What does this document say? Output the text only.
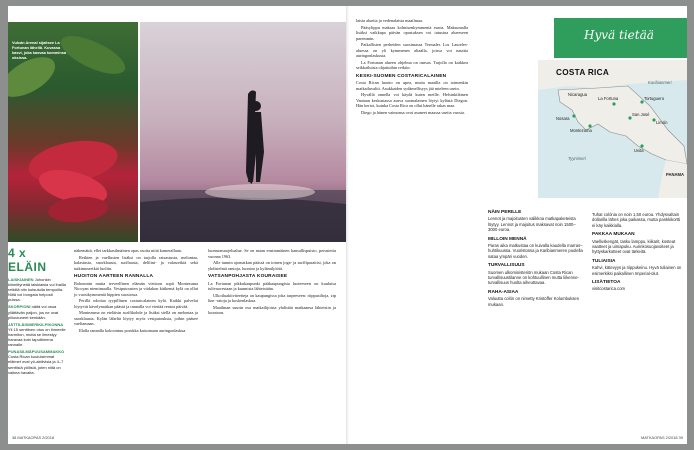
Vulcán Arenal sijaitsee La Fortunan lähellä. Kuvassa kasvi, joka kasvaa kumminsa oksissa.
4 x ELÄIN

LAISKIAINEN Johonkin kiinnittyneitä laiskiaisia voi ihailla retkillä niin kutsutulla tempoilla. Niitä voi bongata helposti puissa.

SKORPIONI näitä voi osua yllättävän paljon, jos ne ovat piiloutuneet kenkään.

JÄTTILÄISMERIKILPIKONNA Yli 15 senttinen otus on ihmeelle harmiton, mutta se ilmestyy haravaa kuin taputtimena rannalle.

PUNASILMÄPUUSAMMAKKO Costa Rican kuuluisimmat eläimet ovat yö-aktiivisia ja 4–7 senttisiä yöllisiä, joten niitä on vaikea havaita.

näkemättä, ellei tarkkasilmäinen opas osoita niitä kamerallaan.

Retkien ja vaellusten lisäksi on tarjolla ratsastusta, melontaa, kalastusta, snorklausta, surffausta, delfiini- ja valasretkiä sekä tutkimusretkiä luoliin.

HUOITON AARTEEN RANNALLA

Bohonmin mutta terveellinen elämän viettoon sopii Montezuma Nicoyan niemimaalla. Vesiputousten ja viidakon kätkemä kylä on ollut jo vuosikymmeniä hippien suosiossa.

Perillä odottaa tyypillinen costaricalainen kylä. Kaikki palvelut löytyvät kävelymatkan päästä ja rannalla voi viettää rentoa päivää.

Montezuma on eteläisin surffikohde ja lisäksi siellä on melontaa ja snorklausta. Kylän läheltä löytyy myös vesiputouksia, joihin pääsee vaeltamaan.

Illalla rannalla kokoontuu porukka katsomaan auringonlaskua.

luonnonsuojelualue. Se on maan ensimmäinen kansallispuisto, perustettu vuonna 1963.

Alle tunnin ajomatkan päässä on toinen joga- ja surffiparatiisi, joka on yhdistelmä rantoja, luontoa ja kylämiljöötä.

VATSANPOHJASTA KOURAISEE

La Fortunan pikkukaupunki pääkaupungista luoteeseen on kuuluisa tulivuorestaan ja kuumista lähteistään.

Ulkoiluaktiviteetteja on kaupungissa joka tarpeeseen: riippusiltoja, zip line -ratoja ja koskenlaskua.

Maailman suurin osa matkailijoista yhdistää matkaansa lähteisiin ja luontoon.

38 MATKAOPAS 2/2018

laisia alueita ja vedenalaista maailmaa.

Pääsylippu maksaa kolmisenkymmentä euroa. Maksumalla lisäksi vaikkapa päivän opastuksen voi tutustua alueeseen paremmin.

Paikallisten perheiden suosimassa Termales Los Laureles-aluessa on yli kymmenen altaalla, joissa voi nauttia auringonlaskusta.

La Fortunan alueen ohjelma on runsas. Tarjolla on kaikkea seikkailuista ohjattuihin retkiin.

KESKI-SUOMEN COSTARICALAINEN

Costa Rican luonto on upea, mutta maailla on toimenkin matkailuvaltti. Asukkaiden sydämellisyys jää mieleen usein.

Hyvällä onnella voi käydä kuten meille. Helsinkiläinen Vantaan keskustassa asuva suomalainen löytyi kylästä Diegon. Hän kertoi, kuinka Costa Rica on ollut hänelle rakas maa.

Diego ja hänen vaimonsa ovat asuneet maassa useita vuosia.

Hyvä tietää
Nicaragua
La Fortuna	Tortuguero
San José
Limón
Nosara
Montezuma
Uvita
PANAMA
Tyynimeri
Karibianmeri
COSTA RICA
NÄIN PERILLE

Lennot ja majoitusten valikkoa matkapaketeista löytyy. Lennot ja majoitus maksavat noin 1500–3000 euroa.

MILLOIN MENNÄ

Paras aika matkustaa on kuivalla kaudella marras–huhtikuussa. Vuoristossa ja Karibianmeren puolella sataa ympäri vuoden.

TURVALLISUUS

Suomen ulkoministeriön mukaan Costa Rican turvallisuustilanne on kohtuullinen mutta liikenne- turvallisuus huolta aiheuttavaa.

RAHA-ASIAA

Valuutta colón on nimetty Kristoffer Kolumbuksen mukaan.

Tuhat colónia on noin 1,50 euroa. Yhdysvaltain dollarilla lähes joka paikassa, mutta pankkikortti ei käy kaikkialla.

PAKKAA MUKAAN

Vaelluskengät, tasku lamppu, kiikarit, kosteat vaatteet ja uimapuku. Aurinkosuojavoiteet ja hyttyskarkotteet ovat tärkeitä.

TULIAISIA

Kahvi, kätevyys ja riippukeinu. Hyvä tuliainen on esimerkiksi paikallinen Imperial-olut.

LISÄTIETOA

visitcostarica.com

MATKAOPAS 2/2018 39
